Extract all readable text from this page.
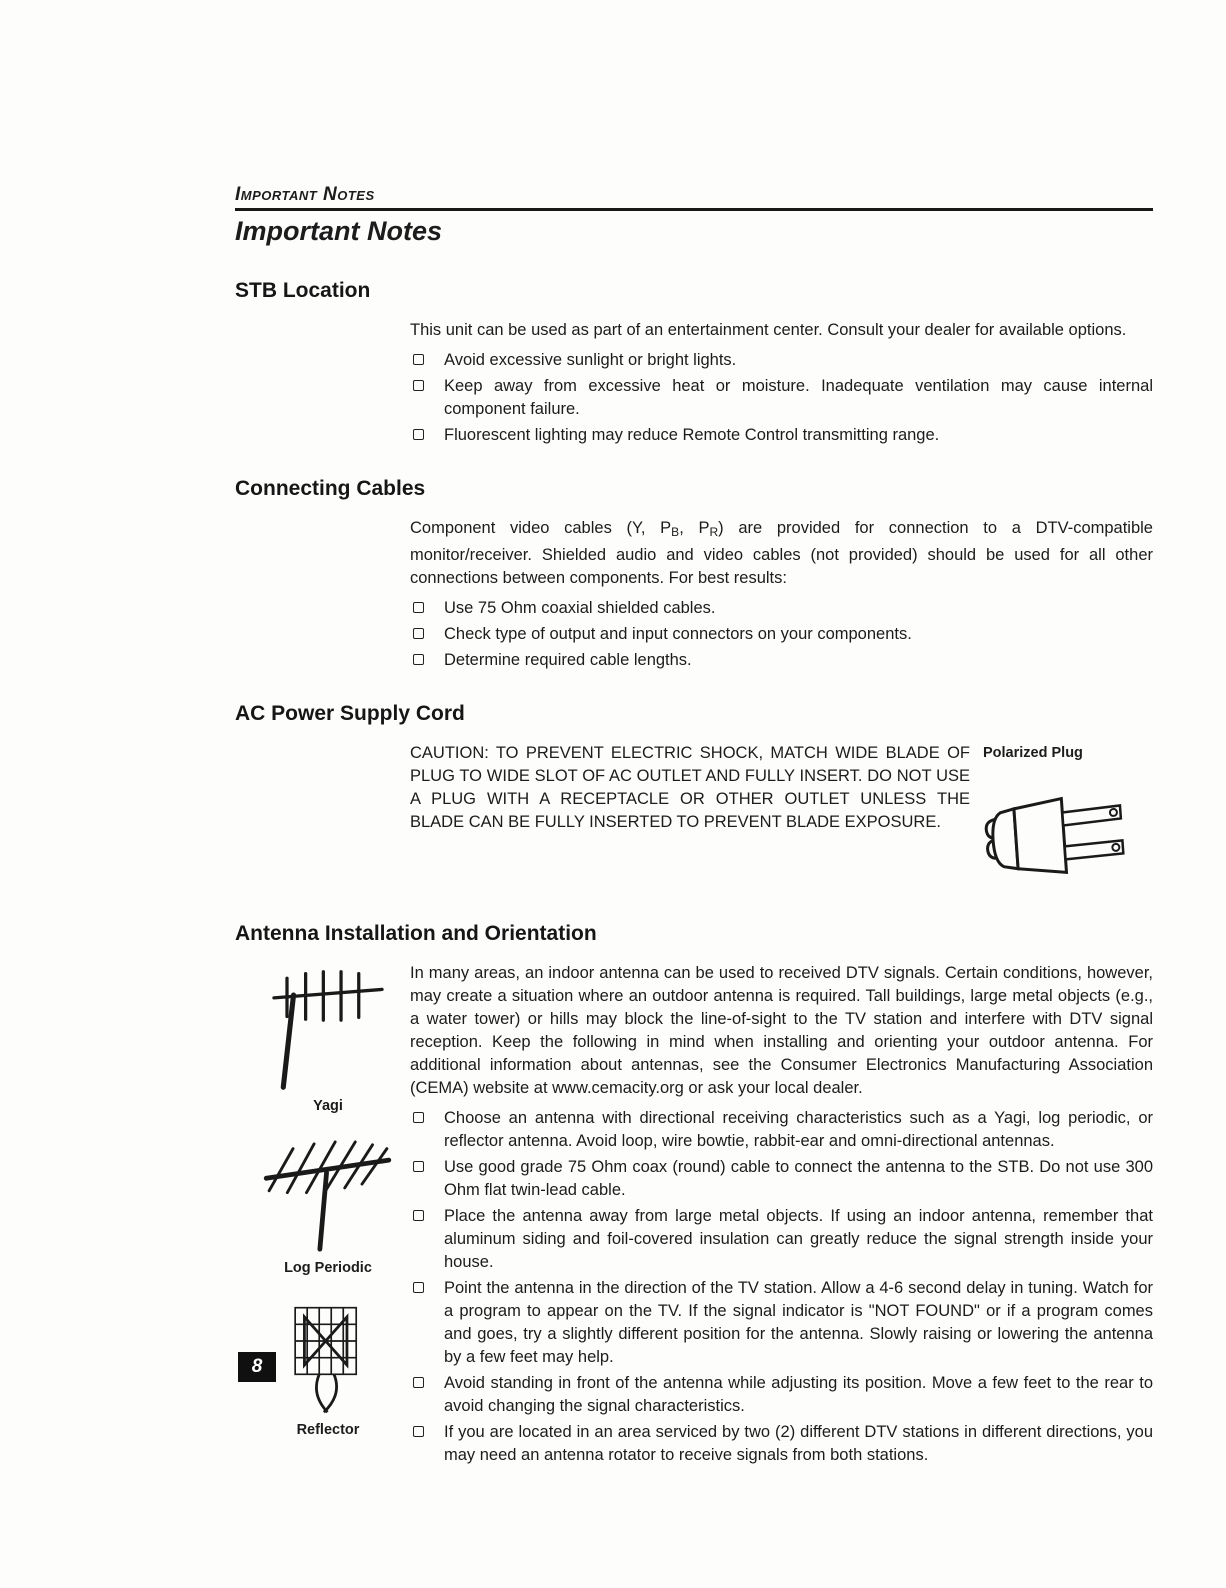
Important Notes
Important Notes
STB Location

This unit can be used as part of an entertainment center. Consult your dealer for available options.

Avoid excessive sunlight or bright lights.
Keep away from excessive heat or moisture. Inadequate ventilation may cause internal component failure.
Fluorescent lighting may reduce Remote Control transmitting range.
Connecting Cables

Component video cables (Y, $P_B$, $P_R$) are provided for connection to a DTV-compatible monitor/receiver. Shielded audio and video cables (not provided) should be used for all other connections between components. For best results:

Use 75 Ohm coaxial shielded cables.
Check type of output and input connectors on your components.
Determine required cable lengths.
AC Power Supply Cord

CAUTION: TO PREVENT ELECTRIC SHOCK, MATCH WIDE BLADE OF PLUG TO WIDE SLOT OF AC OUTLET AND FULLY INSERT. DO NOT USE A PLUG WITH A RECEPTACLE OR OTHER OUTLET UNLESS THE BLADE CAN BE FULLY INSERTED TO PREVENT BLADE EXPOSURE.

Polarized Plug
Antenna Installation and Orientation
Yagi
Log Periodic
Reflector

In many areas, an indoor antenna can be used to received DTV signals. Certain conditions, however, may create a situation where an outdoor antenna is required. Tall buildings, large metal objects (e.g., a water tower) or hills may block the line-of-sight to the TV station and interfere with DTV signal reception. Keep the following in mind when installing and orienting your outdoor antenna. For additional information about antennas, see the Consumer Electronics Manufacturing Association (CEMA) website at www.cemacity.org or ask your local dealer.

Choose an antenna with directional receiving characteristics such as a Yagi, log periodic, or reflector antenna. Avoid loop, wire bowtie, rabbit-ear and omni-directional antennas.
Use good grade 75 Ohm coax (round) cable to connect the antenna to the STB. Do not use 300 Ohm flat twin-lead cable.
Place the antenna away from large metal objects. If using an indoor antenna, remember that aluminum siding and foil-covered insulation can greatly reduce the signal strength inside your house.
Point the antenna in the direction of the TV station. Allow a 4-6 second delay in tuning. Watch for a program to appear on the TV. If the signal indicator is "NOT FOUND" or if a program comes and goes, try a slightly different position for the antenna. Slowly raising or lowering the antenna by a few feet may help.
Avoid standing in front of the antenna while adjusting its position. Move a few feet to the rear to avoid changing the signal characteristics.
If you are located in an area serviced by two (2) different DTV stations in different directions, you may need an antenna rotator to receive signals from both stations.
8
